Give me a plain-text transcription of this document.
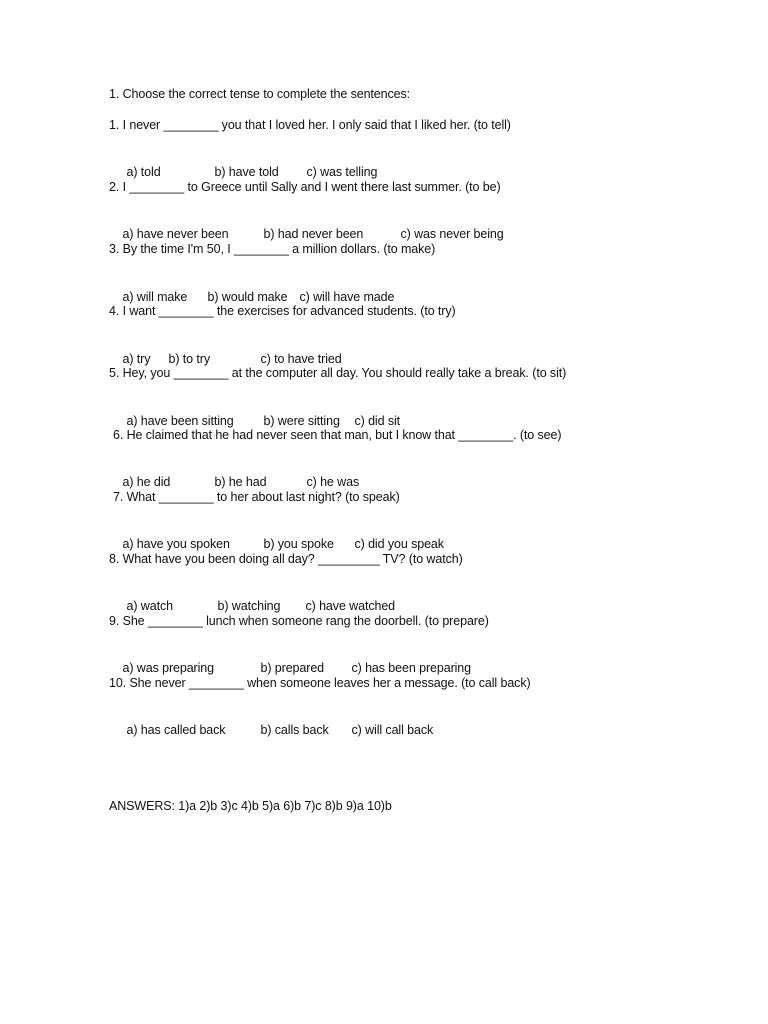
1. Choose the correct tense to complete the sentences:
1. I never ________ you that I loved her. I only said that I liked her. (to tell)

a) told	b) have told c) was telling

2. I ________ to Greece until Sally and I went there last summer. (to be)

a) have never been	b) had never been	c) was never being

3. By the time I'm 50, I ________ a million dollars. (to make)

a) will make b) would make c) will have made

4. I want ________ the exercises for advanced students. (to try)

a) try b) to try	c) to have tried

5. Hey, you ________ at the computer all day. You should really take a break. (to sit)

a) have been sitting b) were sitting c) did sit

6. He claimed that he had never seen that man, but I know that ________. (to see)

a) he did	b) he had	c) he was

7. What ________ to her about last night? (to speak)

a) have you spoken	b) you spoke c) did you speak

8. What have you been doing all day? _________ TV? (to watch)

a) watch	b) watching c) have watched

9. She ________ lunch when someone rang the doorbell. (to prepare)

a) was preparing	b) prepared c) has been preparing

10. She never ________ when someone leaves her a message. (to call back)

a) has called back	b) calls back c) will call back

ANSWERS: 1)a 2)b 3)c 4)b 5)a 6)b 7)c 8)b 9)a 10)b
